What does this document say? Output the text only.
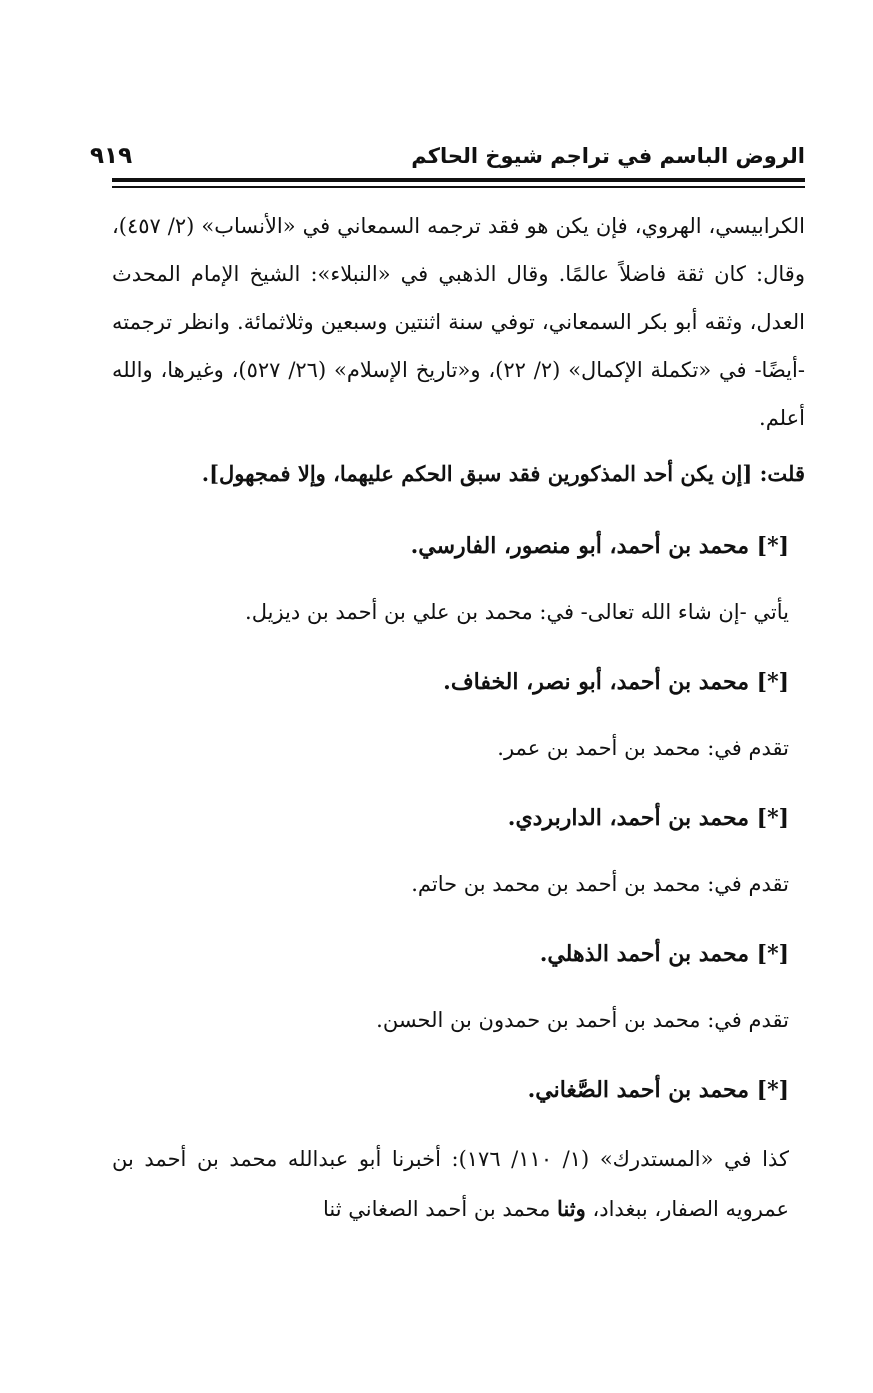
الروض الباسم في تراجم شيوخ الحاكم
٩١٩

الكرابيسي، الهروي، فإن يكن هو فقد ترجمه السمعاني في «الأنساب» (٢/ ٤٥٧)، وقال: كان ثقة فاضلاً عالمًا. وقال الذهبي في «النبلاء»: الشيخ الإمام المحدث العدل، وثقه أبو بكر السمعاني، توفي سنة اثنتين وسبعين وثلاثمائة. وانظر ترجمته -أيضًا- في «تكملة الإكمال» (٢/ ٢٢)، و«تاريخ الإسلام» (٢٦/ ٥٢٧)، وغيرها، والله أعلم.

قلت: [إن يكن أحد المذكورين فقد سبق الحكم عليهما، وإلا فمجهول].

[*] محمد بن أحمد، أبو منصور، الفارسي.

يأتي -إن شاء الله تعالى- في: محمد بن علي بن أحمد بن ديزيل.

[*] محمد بن أحمد، أبو نصر، الخفاف.

تقدم في: محمد بن أحمد بن عمر.

[*] محمد بن أحمد، الداربردي.

تقدم في: محمد بن أحمد بن محمد بن حاتم.

[*] محمد بن أحمد الذهلي.

تقدم في: محمد بن أحمد بن حمدون بن الحسن.

[*] محمد بن أحمد الصَّغاني.

كذا في «المستدرك» (١/ ١١٠/ ١٧٦): أخبرنا أبو عبدالله محمد بن أحمد بن عمرويه الصفار، ببغداد، وثنا محمد بن أحمد الصغاني ثنا
